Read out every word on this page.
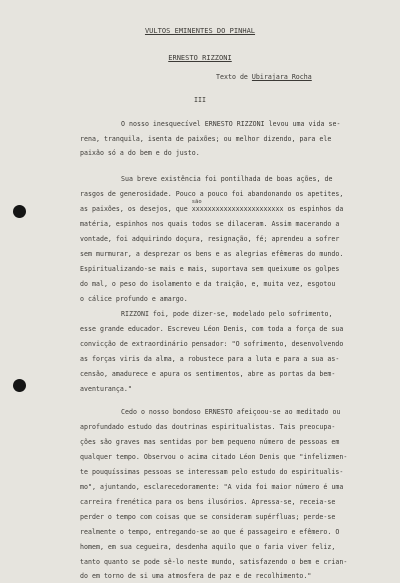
VULTOS EMINENTES DO PINHAL
ERNESTO RIZZONI
Texto de Ubirajara Rocha
III
O nosso inesquecível ERNESTO RIZZONI levou uma vida se-
rena, tranquila, isenta de paixões; ou melhor dizendo, para ele
paixão só a do bem e do justo.
Sua breve existência foi pontilhada de boas ações, de
rasgos de generosidade. Pouco a pouco foi abandonando os apetites,
as paixões, os desejos, que
são
xxxxxxxxxxxxxxxxxxxxxxx os espinhos da
matéria, espinhos nos quais todos se dilaceram. Assim macerando a
vontade, foi adquirindo doçura, resignação, fé; aprendeu a sofrer
sem murmurar, a desprezar os bens e as alegrias efêmeras do mundo.
Espiritualizando-se mais e mais, suportava sem queixume os golpes
do mal, o peso do isolamento e da traição, e, muita vez, esgotou
o cálice profundo e amargo.
RIZZONI foi, pode dizer-se, modelado pelo sofrimento,
esse grande educador. Escreveu Léon Denis, com toda a força de sua
convicção de extraordinário pensador: "O sofrimento, desenvolvendo
as forças viris da alma, a robustece para a luta e para a sua as-
censão, amadurece e apura os sentimentos, abre as portas da bem-
aventurança."
Cedo o nosso bondoso ERNESTO afeiçoou-se ao meditado ou
aprofundado estudo das doutrinas espiritualistas. Tais preocupa-
ções são graves mas sentidas por bem pequeno número de pessoas em
qualquer tempo. Observou o acima citado Léon Denis que "infelizmen-
te pouquíssimas pessoas se interessam pelo estudo do espiritualis-
mo", ajuntando, esclarecedoramente: "A vida foi maior número é uma
carreira frenética para os bens ilusórios. Apressa-se, receia-se
perder o tempo com coisas que se consideram supérfluas; perde-se
realmente o tempo, entregando-se ao que é passageiro e efêmero. O
homem, em sua cegueira, desdenha aquilo que o faria viver feliz,
tanto quanto se pode sê-lo neste mundo, satisfazendo o bem e crian-
do em torno de si uma atmosfera de paz e de recolhimento."
